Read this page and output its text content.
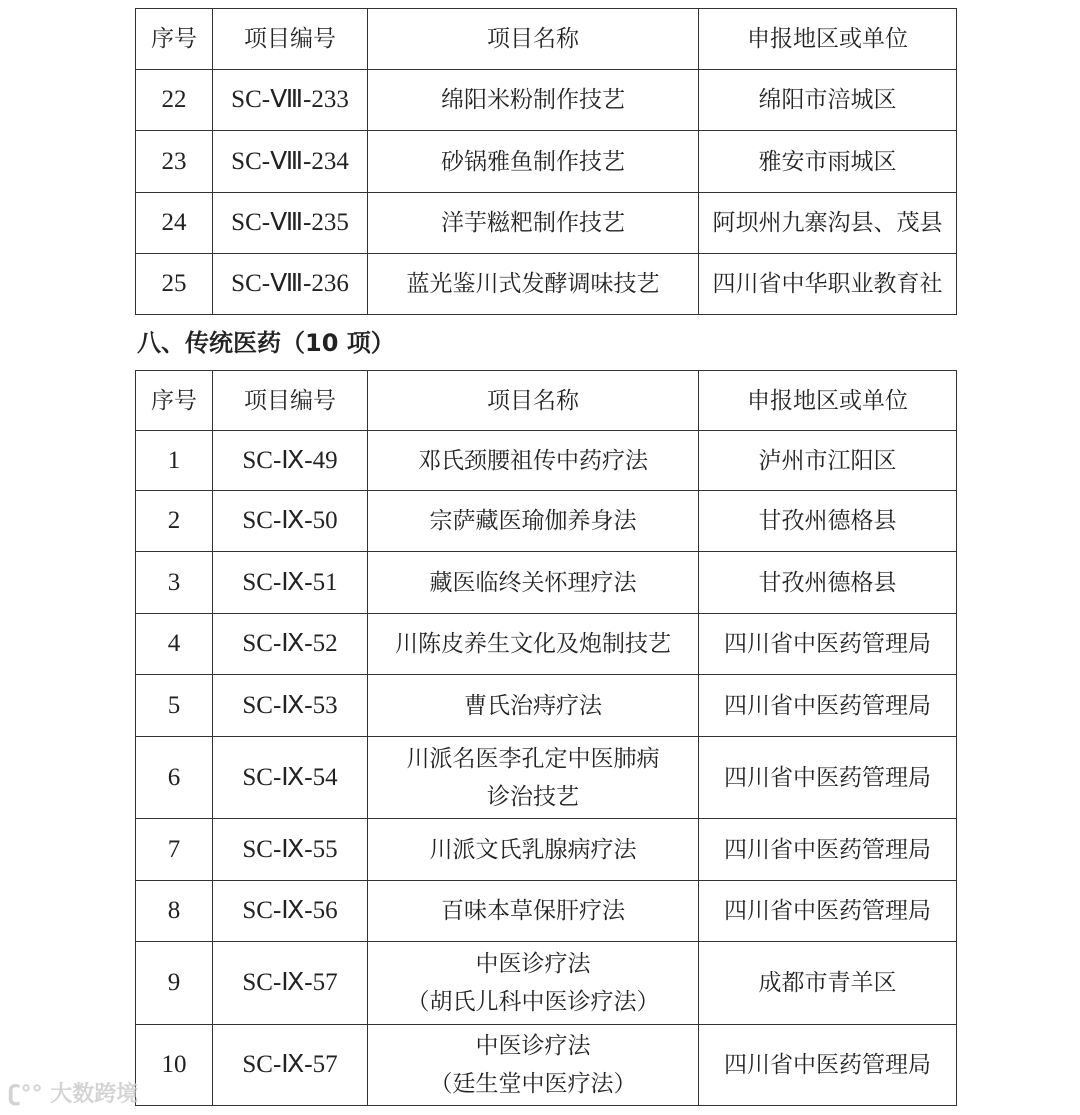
序号	项目编号	项目名称	申报地区或单位
22	SC-Ⅷ-233	绵阳米粉制作技艺	绵阳市涪城区
23	SC-Ⅷ-234	砂锅雅鱼制作技艺	雅安市雨城区
24	SC-Ⅷ-235	洋芋糍粑制作技艺	阿坝州九寨沟县、茂县
25	SC-Ⅷ-236	蓝光鉴川式发酵调味技艺	四川省中华职业教育社
八、传统医药（10 项）
序号	项目编号	项目名称	申报地区或单位
1	SC-Ⅸ-49	邓氏颈腰祖传中药疗法	泸州市江阳区
2	SC-Ⅸ-50	宗萨藏医瑜伽养身法	甘孜州德格县
3	SC-Ⅸ-51	藏医临终关怀理疗法	甘孜州德格县
4	SC-Ⅸ-52	川陈皮养生文化及炮制技艺	四川省中医药管理局
5	SC-Ⅸ-53	曹氏治痔疗法	四川省中医药管理局
6	SC-Ⅸ-54	川派名医李孔定中医肺病
诊治技艺	四川省中医药管理局
7	SC-Ⅸ-55	川派文氏乳腺病疗法	四川省中医药管理局
8	SC-Ⅸ-56	百味本草保肝疗法	四川省中医药管理局
9	SC-Ⅸ-57	中医诊疗法
（胡氏儿科中医诊疗法）	成都市青羊区
10	SC-Ⅸ-57	中医诊疗法
（廷生堂中医疗法）	四川省中医药管理局
ʗ°° 大数跨境
